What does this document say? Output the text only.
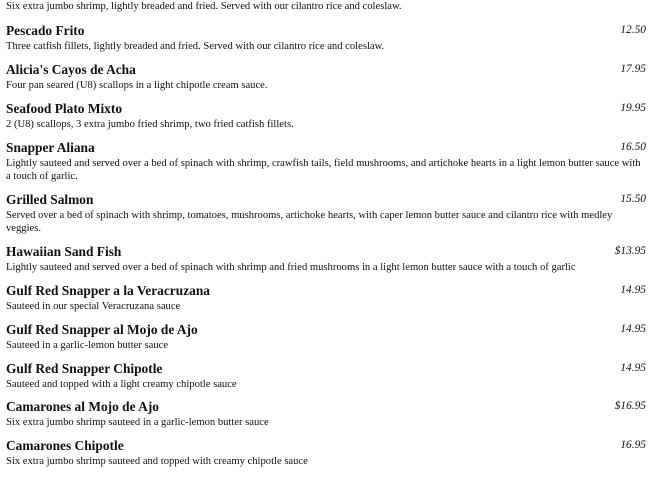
Six extra jumbo shrimp, lightly breaded and fried. Served with our cilantro rice and coleslaw.

Pescado Frito	12.50
Three catfish fillets, lightly breaded and fried. Served with our cilantro rice and coleslaw.
Alicia's Cayos de Acha	17.95
Four pan seared (U8) scallops in a light chipotle cream sauce.
Seafood Plato Mixto	19.95
2 (U8) scallops, 3 extra jumbo fried shrimp, two fried catfish fillets.
Snapper Aliana	16.50
Lightly sauteed and served over a bed of spinach with shrimp, crawfish tails, field mushrooms, and artichoke hearts in a light lemon butter sauce with a touch of garlic.
Grilled Salmon	15.50
Served over a bed of spinach with shrimp, tomatoes, mushrooms, artichoke hearts, with caper lemon butter sauce and cilantro rice with medley veggies.
Hawaiian Sand Fish	$13.95
Lightly sauteed and served over a bed of spinach with shrimp and fried mushrooms in a light lemon butter sauce with a touch of garlic
Gulf Red Snapper a la Veracruzana	14.95
Sauteed in our special Veracruzana sauce
Gulf Red Snapper al Mojo de Ajo	14.95
Sauteed in a garlic-lemon butter sauce
Gulf Red Snapper Chipotle	14.95
Sauteed and topped with a light creamy chipotle sauce
Camarones al Mojo de Ajo	$16.95
Six extra jumbo shrimp sauteed in a garlic-lemon butter sauce
Camarones Chipotle	16.95
Six extra jumbo shrimp sauteed and topped with creamy chipotle sauce
